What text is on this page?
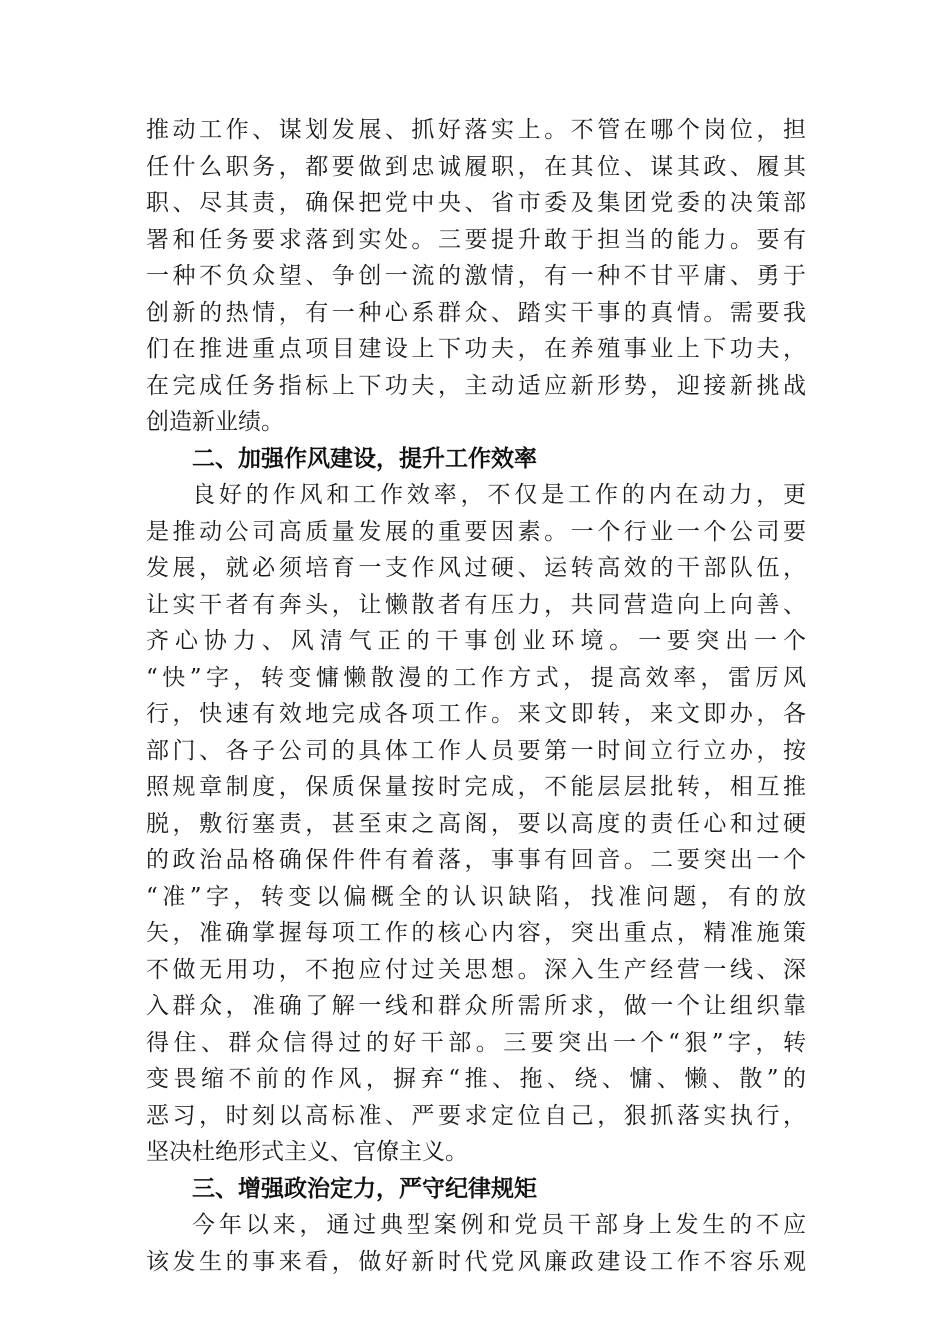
推动工作、谋划发展、抓好落实上。不管在哪个岗位，担
任什么职务，都要做到忠诚履职，在其位、谋其政、履其
职、尽其责，确保把党中央、省市委及集团党委的决策部
署和任务要求落到实处。三要提升敢于担当的能力。要有
一种不负众望、争创一流的激情，有一种不甘平庸、勇于
创新的热情，有一种心系群众、踏实干事的真情。需要我
们在推进重点项目建设上下功夫，在养殖事业上下功夫，
在完成任务指标上下功夫，主动适应新形势，迎接新挑战
创造新业绩。
二、加强作风建设，提升工作效率
良好的作风和工作效率，不仅是工作的内在动力，更
是推动公司高质量发展的重要因素。一个行业一个公司要
发展，就必须培育一支作风过硬、运转高效的干部队伍，
让实干者有奔头，让懒散者有压力，共同营造向上向善、
齐心协力、风清气正的干事创业环境。一要突出一个
“快”字，转变慵懒散漫的工作方式，提高效率，雷厉风
行，快速有效地完成各项工作。来文即转，来文即办，各
部门、各子公司的具体工作人员要第一时间立行立办，按
照规章制度，保质保量按时完成，不能层层批转，相互推
脱，敷衍塞责，甚至束之高阁，要以高度的责任心和过硬
的政治品格确保件件有着落，事事有回音。二要突出一个
“准”字，转变以偏概全的认识缺陷，找准问题，有的放
矢，准确掌握每项工作的核心内容，突出重点，精准施策
不做无用功，不抱应付过关思想。深入生产经营一线、深
入群众，准确了解一线和群众所需所求，做一个让组织靠
得住、群众信得过的好干部。三要突出一个“狠”字，转
变畏缩不前的作风，摒弃“推、拖、绕、慵、懒、散”的
恶习，时刻以高标准、严要求定位自己，狠抓落实执行，
坚决杜绝形式主义、官僚主义。
三、增强政治定力，严守纪律规矩
今年以来，通过典型案例和党员干部身上发生的不应
该发生的事来看，做好新时代党风廉政建设工作不容乐观
